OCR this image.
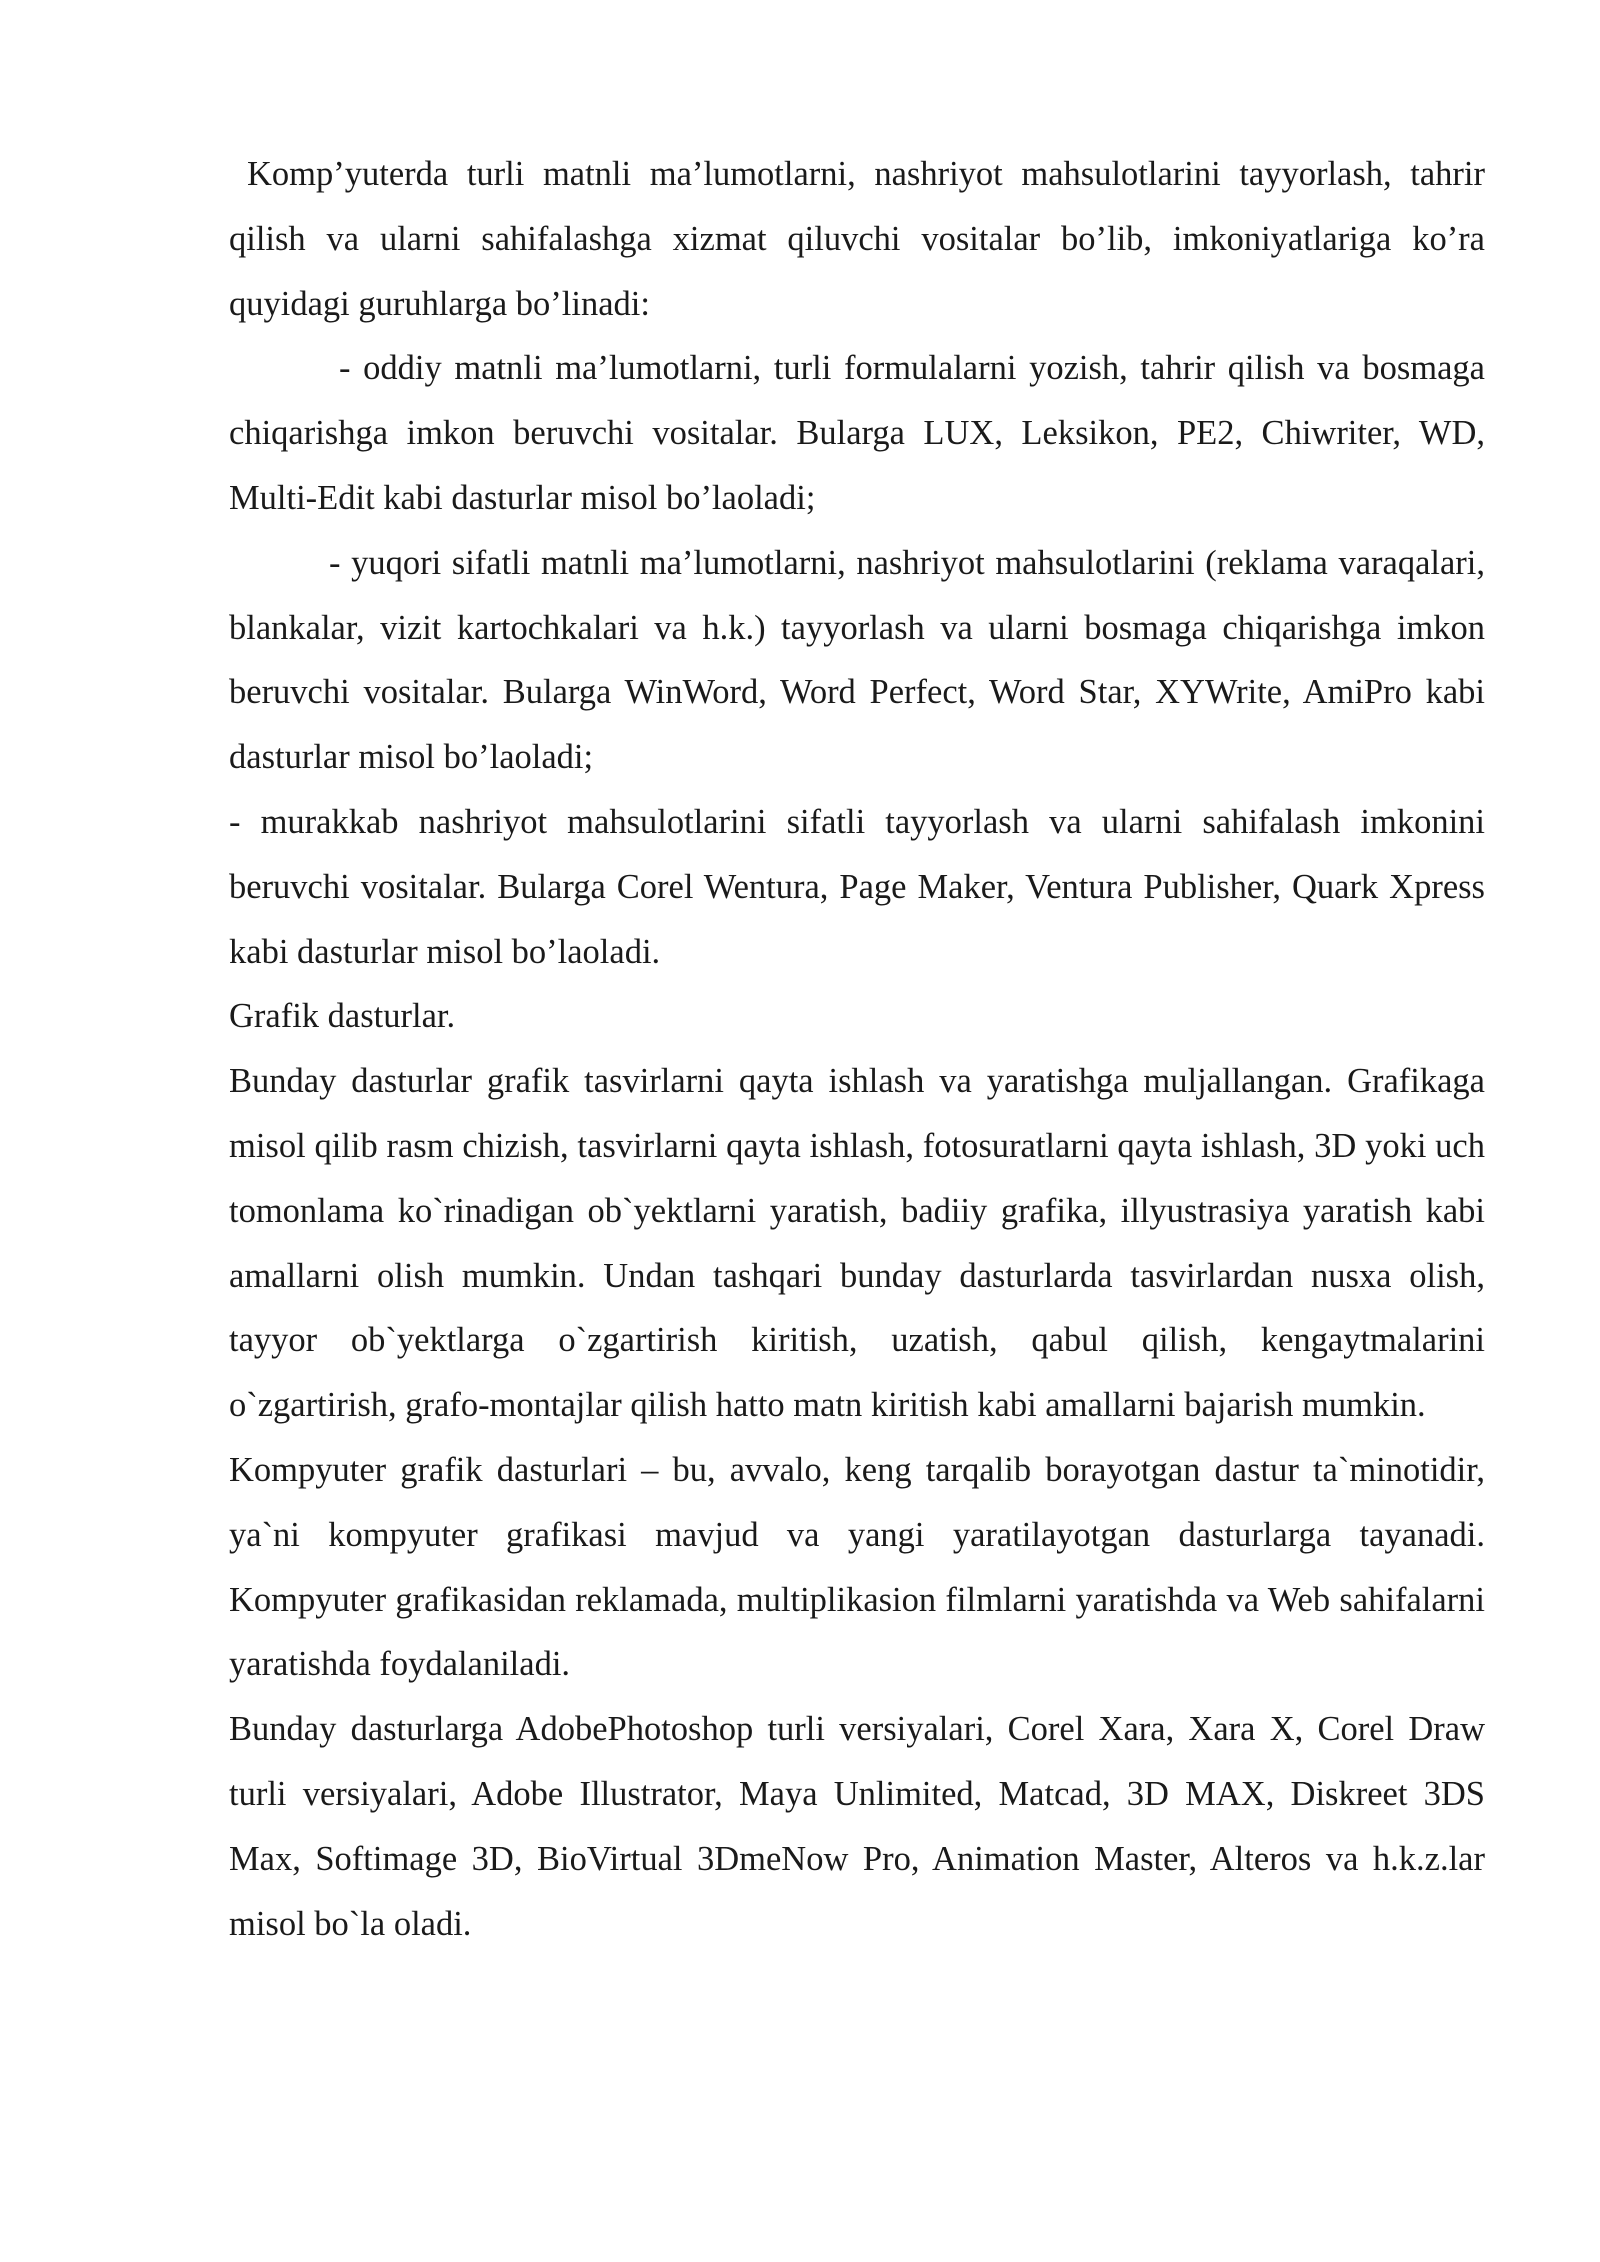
Komp’yuterda turli matnli ma’lumotlarni, nashriyot mahsulotlarini tayyorlash, tahrir qilish va ularni sahifalashga xizmat qiluvchi vositalar bo’lib, imkoniyatlariga ko’ra quyidagi guruhlarga bo’linadi:

- oddiy matnli ma’lumotlarni, turli formulalarni yozish, tahrir qilish va bosmaga chiqarishga imkon beruvchi vositalar. Bularga LUX, Leksikon, PE2, Chiwriter, WD, Multi-Edit kabi dasturlar misol bo’laoladi;

- yuqori sifatli matnli ma’lumotlarni, nashriyot mahsulotlarini (reklama varaqalari, blankalar, vizit kartochkalari va h.k.) tayyorlash va ularni bosmaga chiqarishga imkon beruvchi vositalar. Bularga WinWord, Word Perfect, Word Star, XYWrite, AmiPro kabi dasturlar misol bo’laoladi;

- murakkab nashriyot mahsulotlarini sifatli tayyorlash va ularni sahifalash imkonini beruvchi vositalar. Bularga Corel Wentura, Page Maker, Ventura Publisher, Quark Xpress kabi dasturlar misol bo’laoladi.

Grafik dasturlar.

Bunday dasturlar grafik tasvirlarni qayta ishlash va yaratishga muljallangan. Grafikaga misol qilib rasm chizish, tasvirlarni qayta ishlash, fotosuratlarni qayta ishlash, 3D yoki uch tomonlama ko`rinadigan ob`yektlarni yaratish, badiiy grafika, illyustrasiya yaratish kabi amallarni olish mumkin. Undan tashqari bunday dasturlarda tasvirlardan nusxa olish, tayyor ob`yektlarga o`zgartirish kiritish, uzatish, qabul qilish, kengaytmalarini o`zgartirish, grafo-montajlar qilish hatto matn kiritish kabi amallarni bajarish mumkin.

Kompyuter grafik dasturlari – bu, avvalo, keng tarqalib borayotgan dastur ta`minotidir, ya`ni kompyuter grafikasi mavjud va yangi yaratilayotgan dasturlarga tayanadi. Kompyuter grafikasidan reklamada, multiplikasion filmlarni yaratishda va Web sahifalarni yaratishda foydalaniladi.

Bunday dasturlarga AdobePhotoshop turli versiyalari, Corel Xara, Xara X, Corel Draw turli versiyalari, Adobe Illustrator, Maya Unlimited, Matcad, 3D MAX, Diskreet 3DS Max, Softimage 3D, BioVirtual 3DmeNow Pro, Animation Master, Alteros va h.k.z.lar misol bo`la oladi.
